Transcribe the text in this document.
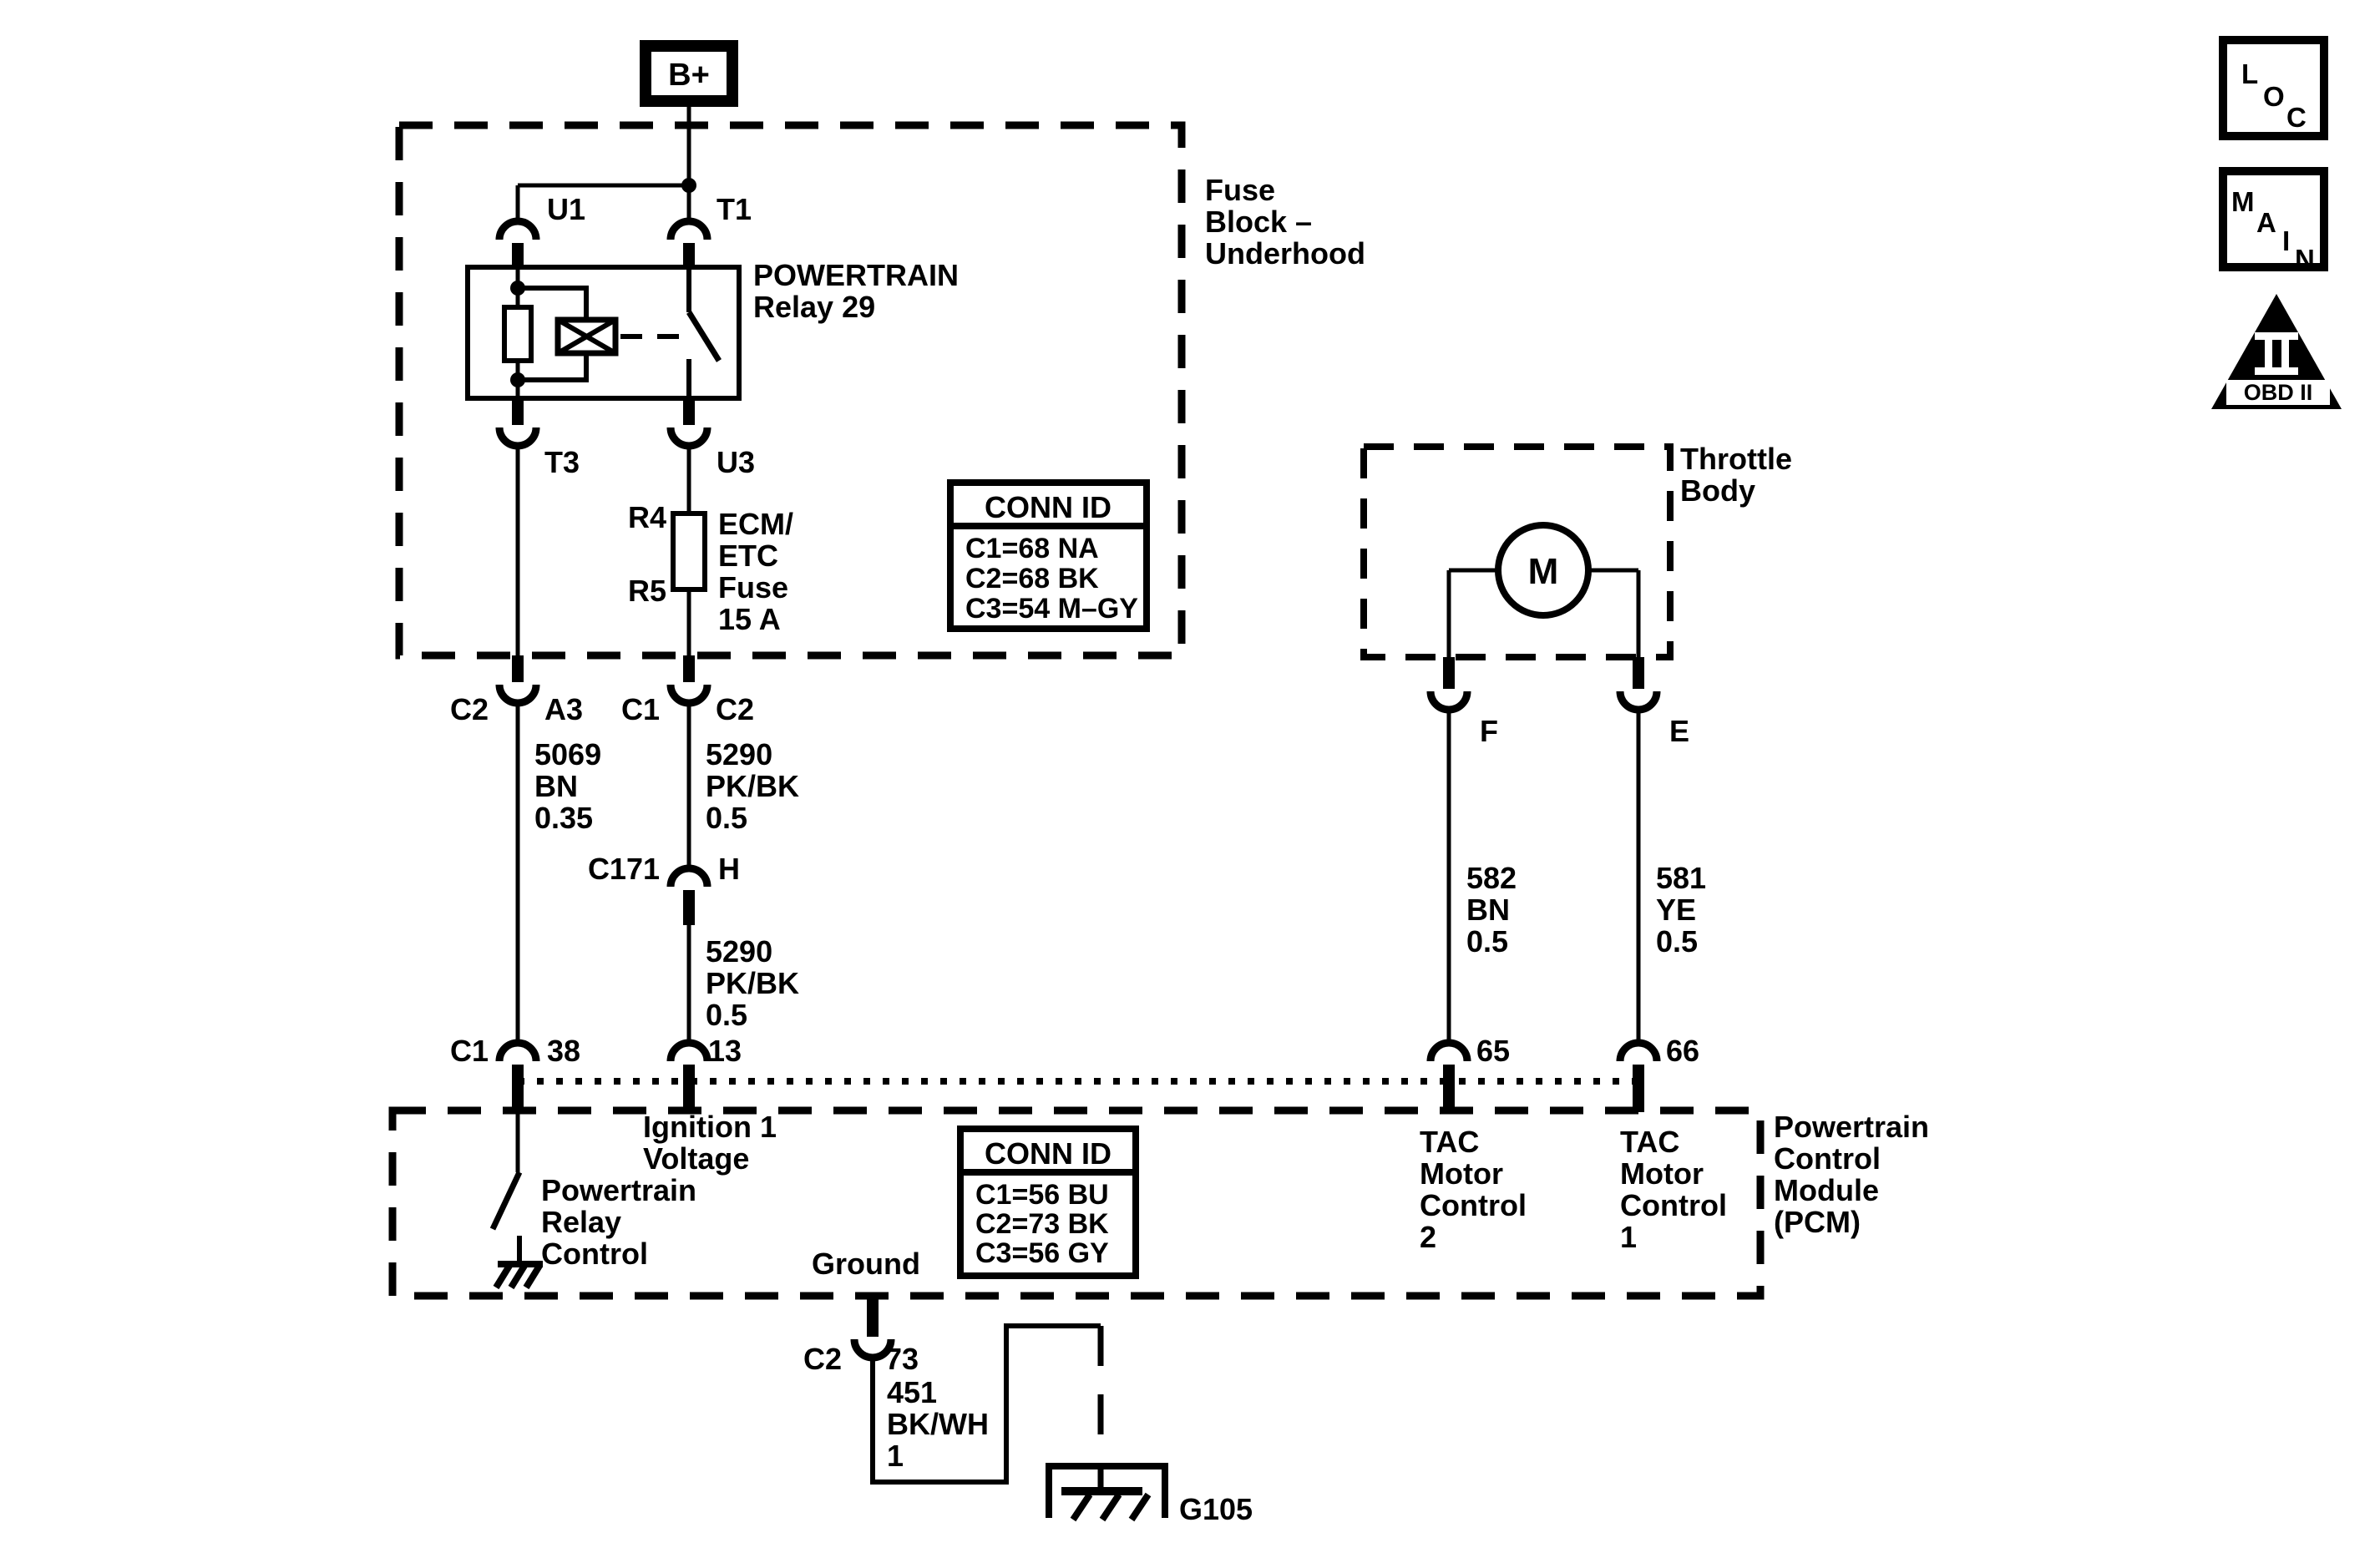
B+
Fuse
Block –
Underhood
U1	T1
POWERTRAIN
Relay 29
T3	U3
R4
R5
ECM/
ETC
Fuse
15 A
CONN ID
C1=68 NA
C2=68 BK
C3=54 M–GY
C2 A3 C1 C2
5069
BN
0.35
5290
PK/BK
0.5
C171 H
5290
PK/BK
0.5
Throttle
Body
M
F	E
582
BN
0.5
581
YE
0.5
C1 38	13	65	66
Powertrain
Control
Module
(PCM)
Ignition 1
Voltage
Powertrain
Relay
Control
CONN ID
C1=56 BU
C2=73 BK
C3=56 GY
TAC
Motor
Control
2
TAC
Motor
Control
1
Ground
C2 73
451
BK/WH
1
G105
L
O
C
M
A
I
N
OBD II
